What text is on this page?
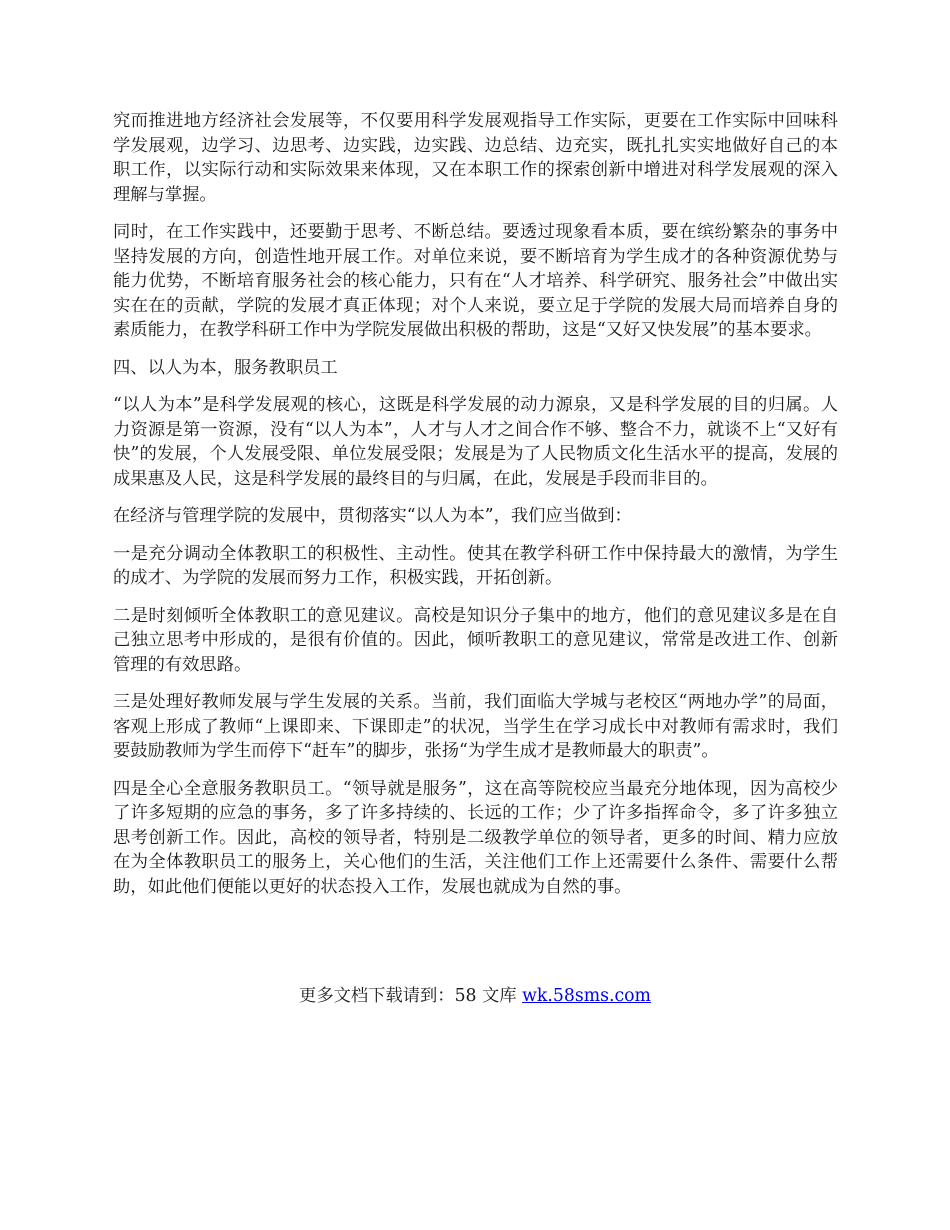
究而推进地方经济社会发展等，不仅要用科学发展观指导工作实际，更要在工作实际中回味科学发展观，边学习、边思考、边实践，边实践、边总结、边充实，既扎扎实实地做好自己的本职工作，以实际行动和实际效果来体现，又在本职工作的探索创新中增进对科学发展观的深入理解与掌握。

同时，在工作实践中，还要勤于思考、不断总结。要透过现象看本质，要在缤纷繁杂的事务中坚持发展的方向，创造性地开展工作。对单位来说，要不断培育为学生成才的各种资源优势与能力优势，不断培育服务社会的核心能力，只有在“人才培养、科学研究、服务社会”中做出实实在在的贡献，学院的发展才真正体现；对个人来说，要立足于学院的发展大局而培养自身的素质能力，在教学科研工作中为学院发展做出积极的帮助，这是“又好又快发展”的基本要求。

四、以人为本，服务教职员工

“以人为本”是科学发展观的核心，这既是科学发展的动力源泉，又是科学发展的目的归属。人力资源是第一资源，没有“以人为本”，人才与人才之间合作不够、整合不力，就谈不上“又好有快”的发展，个人发展受限、单位发展受限；发展是为了人民物质文化生活水平的提高，发展的成果惠及人民，这是科学发展的最终目的与归属，在此，发展是手段而非目的。

在经济与管理学院的发展中，贯彻落实“以人为本”，我们应当做到：

一是充分调动全体教职工的积极性、主动性。使其在教学科研工作中保持最大的激情，为学生的成才、为学院的发展而努力工作，积极实践，开拓创新。

二是时刻倾听全体教职工的意见建议。高校是知识分子集中的地方，他们的意见建议多是在自己独立思考中形成的，是很有价值的。因此，倾听教职工的意见建议，常常是改进工作、创新管理的有效思路。

三是处理好教师发展与学生发展的关系。当前，我们面临大学城与老校区“两地办学”的局面，客观上形成了教师“上课即来、下课即走”的状况，当学生在学习成长中对教师有需求时，我们要鼓励教师为学生而停下“赶车”的脚步，张扬“为学生成才是教师最大的职责”。

四是全心全意服务教职员工。“领导就是服务”，这在高等院校应当最充分地体现，因为高校少了许多短期的应急的事务，多了许多持续的、长远的工作；少了许多指挥命令，多了许多独立思考创新工作。因此，高校的领导者，特别是二级教学单位的领导者，更多的时间、精力应放在为全体教职员工的服务上，关心他们的生活，关注他们工作上还需要什么条件、需要什么帮助，如此他们便能以更好的状态投入工作，发展也就成为自然的事。

更多文档下载请到：58 文库 wk.58sms.com
